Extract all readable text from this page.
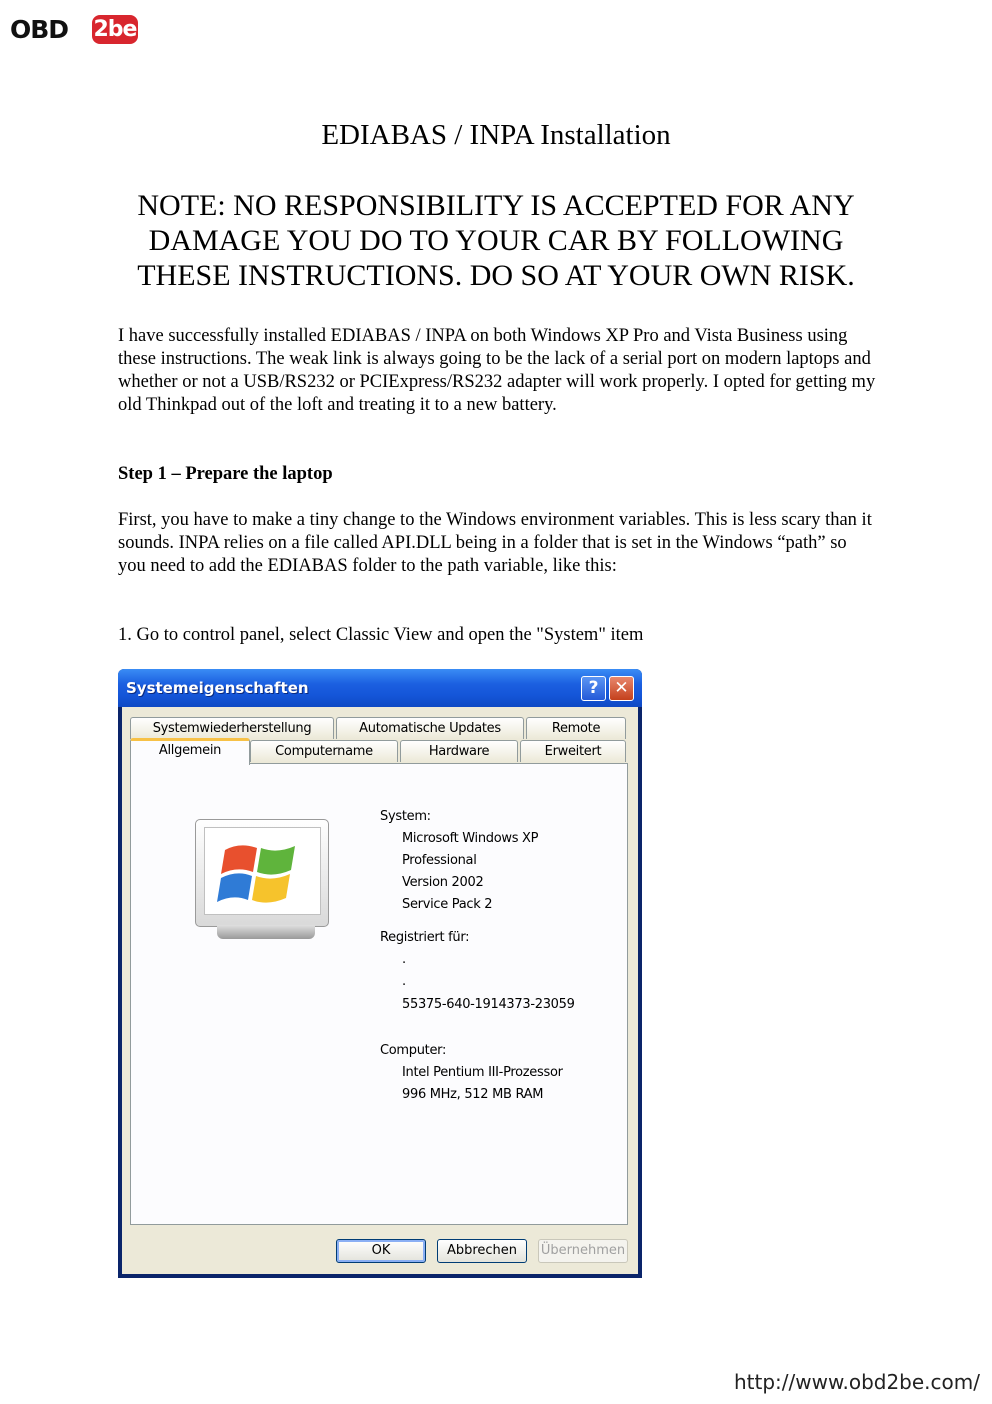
OBD 2be
EDIABAS / INPA Installation

NOTE: NO RESPONSIBILITY IS ACCEPTED FOR ANY DAMAGE YOU DO TO YOUR CAR BY FOLLOWING THESE INSTRUCTIONS. DO SO AT YOUR OWN RISK.

I have successfully installed EDIABAS / INPA on both Windows XP Pro and Vista Business using these instructions. The weak link is always going to be the lack of a serial port on modern laptops and whether or not a USB/RS232 or PCIExpress/RS232 adapter will work properly. I opted for getting my old Thinkpad out of the loft and treating it to a new battery.

Step 1 – Prepare the laptop

First, you have to make a tiny change to the Windows environment variables. This is less scary than it sounds. INPA relies on a file called API.DLL being in a folder that is set in the Windows “path” so you need to add the EDIABAS folder to the path variable, like this:

1. Go to control panel, select Classic View and open the "System" item

Systemeigenschaften	? ✕
Systemwiederherstellung	Automatische Updates	Remote
Allgemein	Computername	Hardware	Erweitert
System:
Microsoft Windows XP
Professional
Version 2002
Service Pack 2
Registriert für:
.
.
55375-640-1914373-23059
Computer:
Intel Pentium III-Prozessor
996 MHz, 512 MB RAM
OK	Abbrechen	Übernehmen
http://www.obd2be.com/
